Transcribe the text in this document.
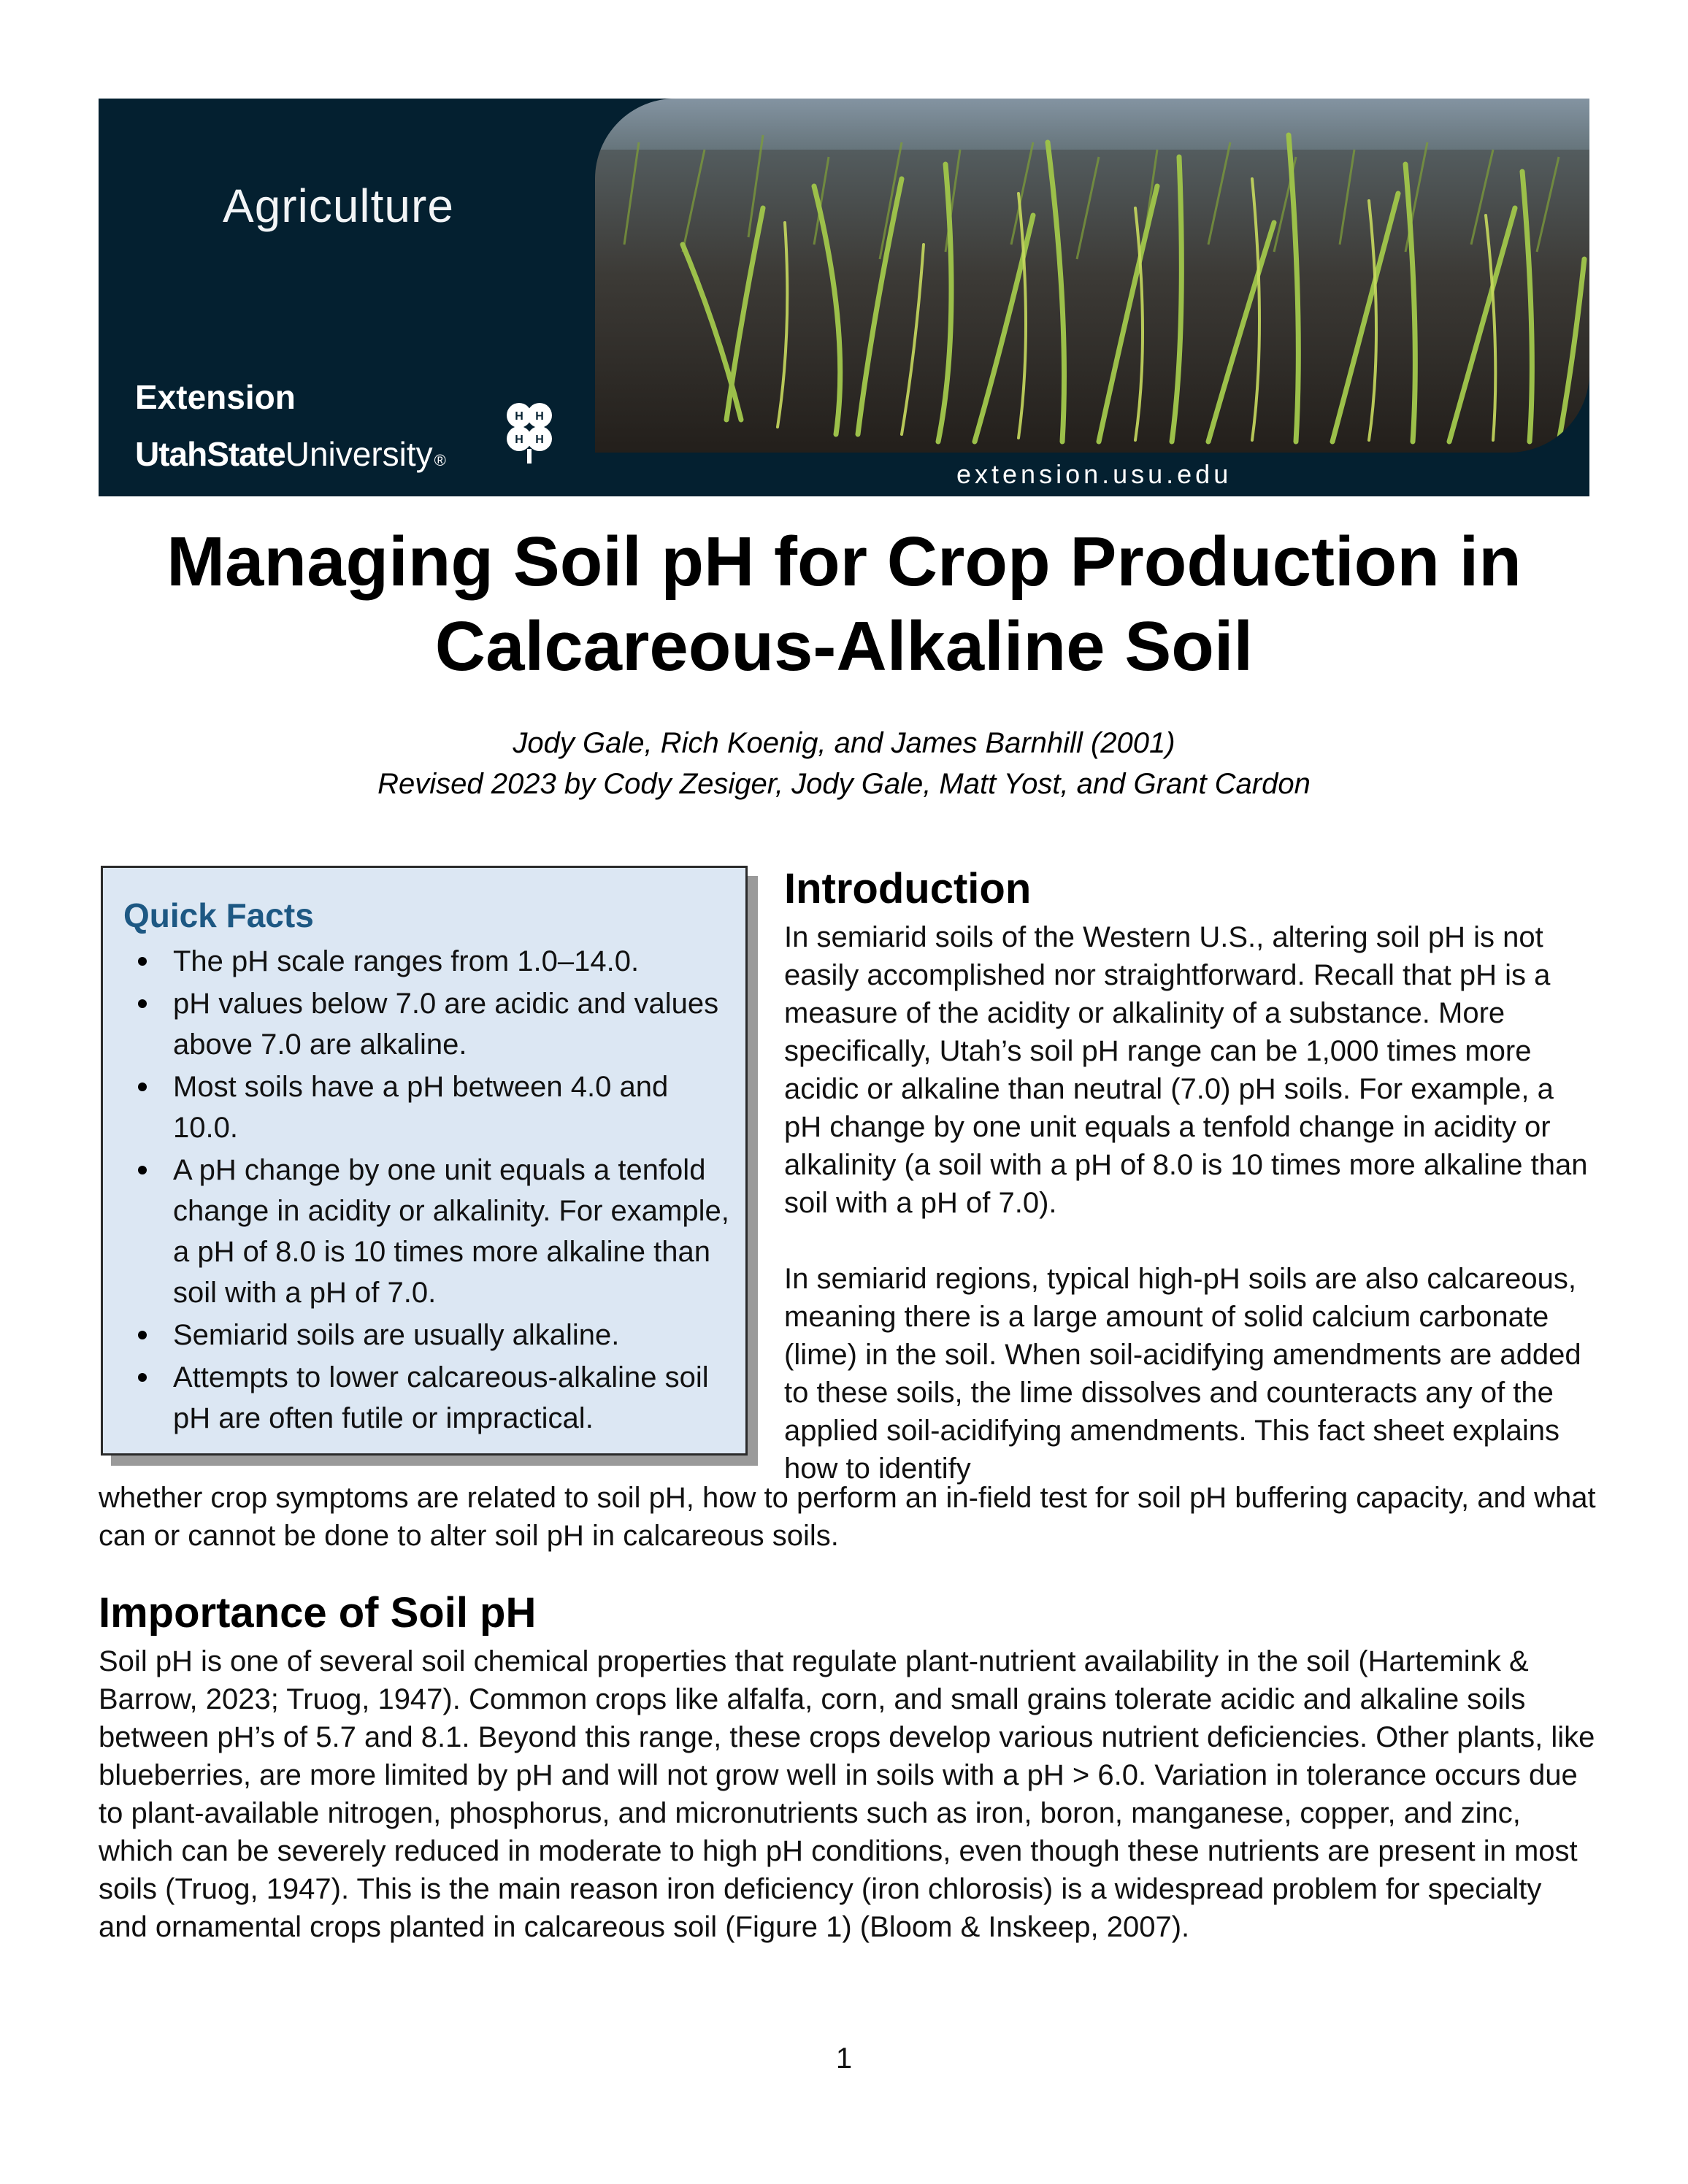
Agriculture
Extension
UtahStateUniversity®
H H
H H
extension.usu.edu
Managing Soil pH for Crop Production in Calcareous-Alkaline Soil
Jody Gale, Rich Koenig, and James Barnhill (2001)
Revised 2023 by Cody Zesiger, Jody Gale, Matt Yost, and Grant Cardon
Quick Facts
The pH scale ranges from 1.0–14.0.
pH values below 7.0 are acidic and values above 7.0 are alkaline.
Most soils have a pH between 4.0 and 10.0.
A pH change by one unit equals a tenfold change in acidity or alkalinity. For example, a pH of 8.0 is 10 times more alkaline than soil with a pH of 7.0.
Semiarid soils are usually alkaline.
Attempts to lower calcareous-alkaline soil pH are often futile or impractical.
Introduction

In semiarid soils of the Western U.S., altering soil pH is not easily accomplished nor straightforward. Recall that pH is a measure of the acidity or alkalinity of a substance. More specifically, Utah’s soil pH range can be 1,000 times more acidic or alkaline than neutral (7.0) pH soils. For example, a pH change by one unit equals a tenfold change in acidity or alkalinity (a soil with a pH of 8.0 is 10 times more alkaline than soil with a pH of 7.0).

In semiarid regions, typical high-pH soils are also calcareous, meaning there is a large amount of solid calcium carbonate (lime) in the soil. When soil-acidifying amendments are added to these soils, the lime dissolves and counteracts any of the applied soil-acidifying amendments. This fact sheet explains how to identify

whether crop symptoms are related to soil pH, how to perform an in-field test for soil pH buffering capacity, and what can or cannot be done to alter soil pH in calcareous soils.

Importance of Soil pH

Soil pH is one of several soil chemical properties that regulate plant-nutrient availability in the soil (Hartemink & Barrow, 2023; Truog, 1947). Common crops like alfalfa, corn, and small grains tolerate acidic and alkaline soils between pH’s of 5.7 and 8.1. Beyond this range, these crops develop various nutrient deficiencies. Other plants, like blueberries, are more limited by pH and will not grow well in soils with a pH > 6.0. Variation in tolerance occurs due to plant-available nitrogen, phosphorus, and micronutrients such as iron, boron, manganese, copper, and zinc, which can be severely reduced in moderate to high pH conditions, even though these nutrients are present in most soils (Truog, 1947). This is the main reason iron deficiency (iron chlorosis) is a widespread problem for specialty and ornamental crops planted in calcareous soil (Figure 1) (Bloom & Inskeep, 2007).

1
